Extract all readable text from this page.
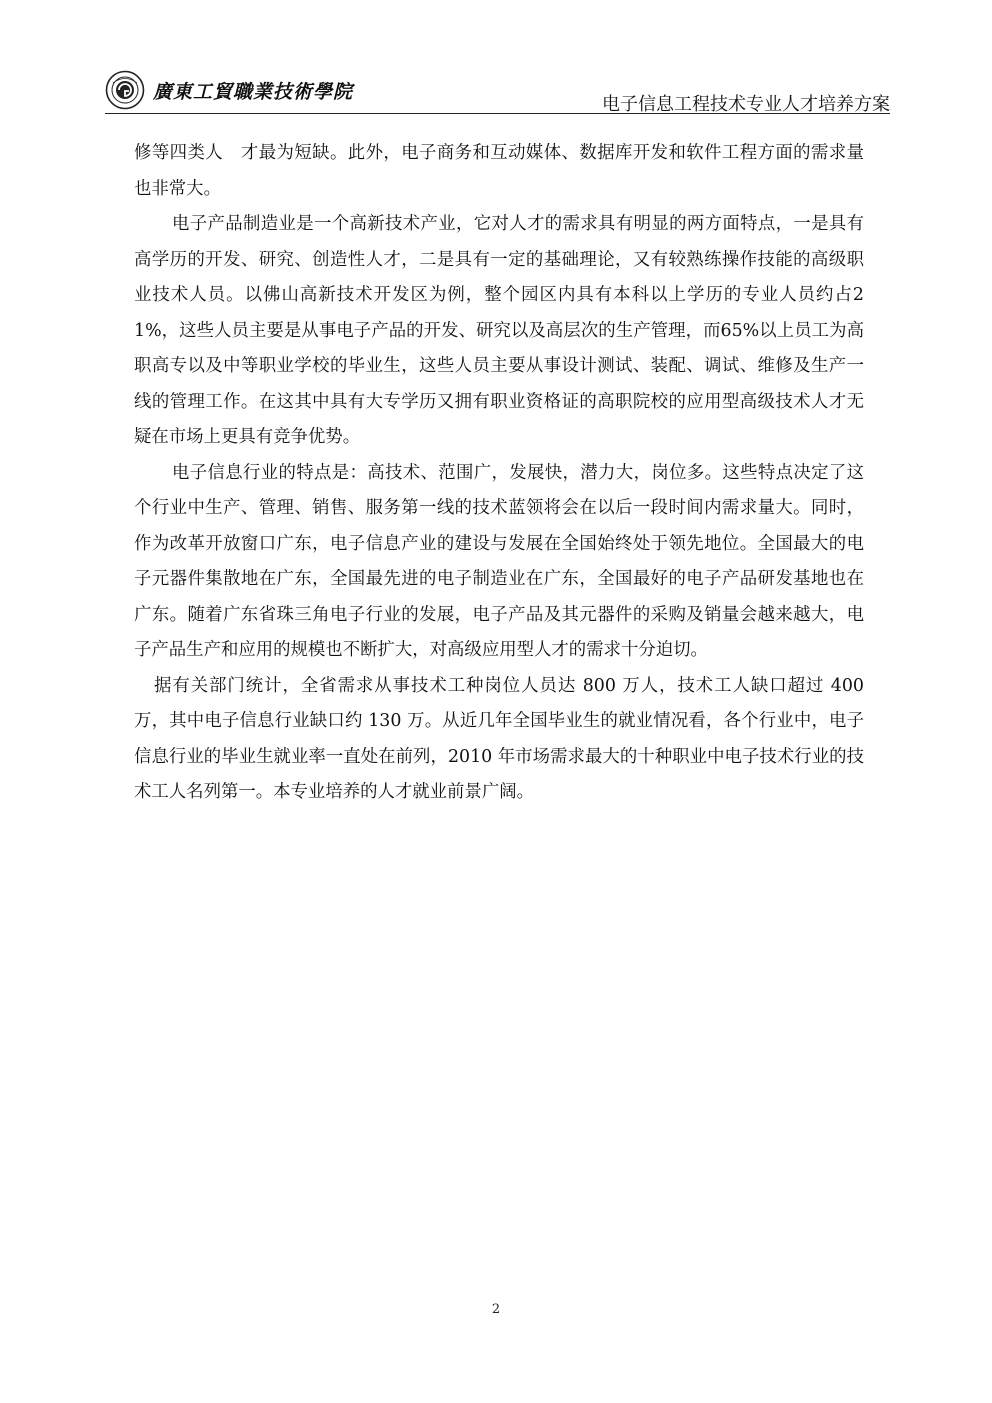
廣東工貿職業技術學院
电子信息工程技术专业人才培养方案

修等四类人　才最为短缺。此外，电子商务和互动媒体、数据库开发和软件工程方面的需求量也非常大。

电子产品制造业是一个高新技术产业，它对人才的需求具有明显的两方面特点，一是具有高学历的开发、研究、创造性人才，二是具有一定的基础理论，又有较熟练操作技能的高级职业技术人员。以佛山高新技术开发区为例，整个园区内具有本科以上学历的专业人员约占21%，这些人员主要是从事电子产品的开发、研究以及高层次的生产管理，而65%以上员工为高职高专以及中等职业学校的毕业生，这些人员主要从事设计测试、装配、调试、维修及生产一线的管理工作。在这其中具有大专学历又拥有职业资格证的高职院校的应用型高级技术人才无疑在市场上更具有竞争优势。

电子信息行业的特点是：高技术、范围广，发展快，潜力大，岗位多。这些特点决定了这个行业中生产、管理、销售、服务第一线的技术蓝领将会在以后一段时间内需求量大。同时，作为改革开放窗口广东，电子信息产业的建设与发展在全国始终处于领先地位。全国最大的电子元器件集散地在广东，全国最先进的电子制造业在广东，全国最好的电子产品研发基地也在广东。随着广东省珠三角电子行业的发展，电子产品及其元器件的采购及销量会越来越大，电子产品生产和应用的规模也不断扩大，对高级应用型人才的需求十分迫切。

据有关部门统计，全省需求从事技术工种岗位人员达 800 万人，技术工人缺口超过 400 万，其中电子信息行业缺口约 130 万。从近几年全国毕业生的就业情况看，各个行业中，电子信息行业的毕业生就业率一直处在前列，2010 年市场需求最大的十种职业中电子技术行业的技术工人名列第一。本专业培养的人才就业前景广阔。

2
